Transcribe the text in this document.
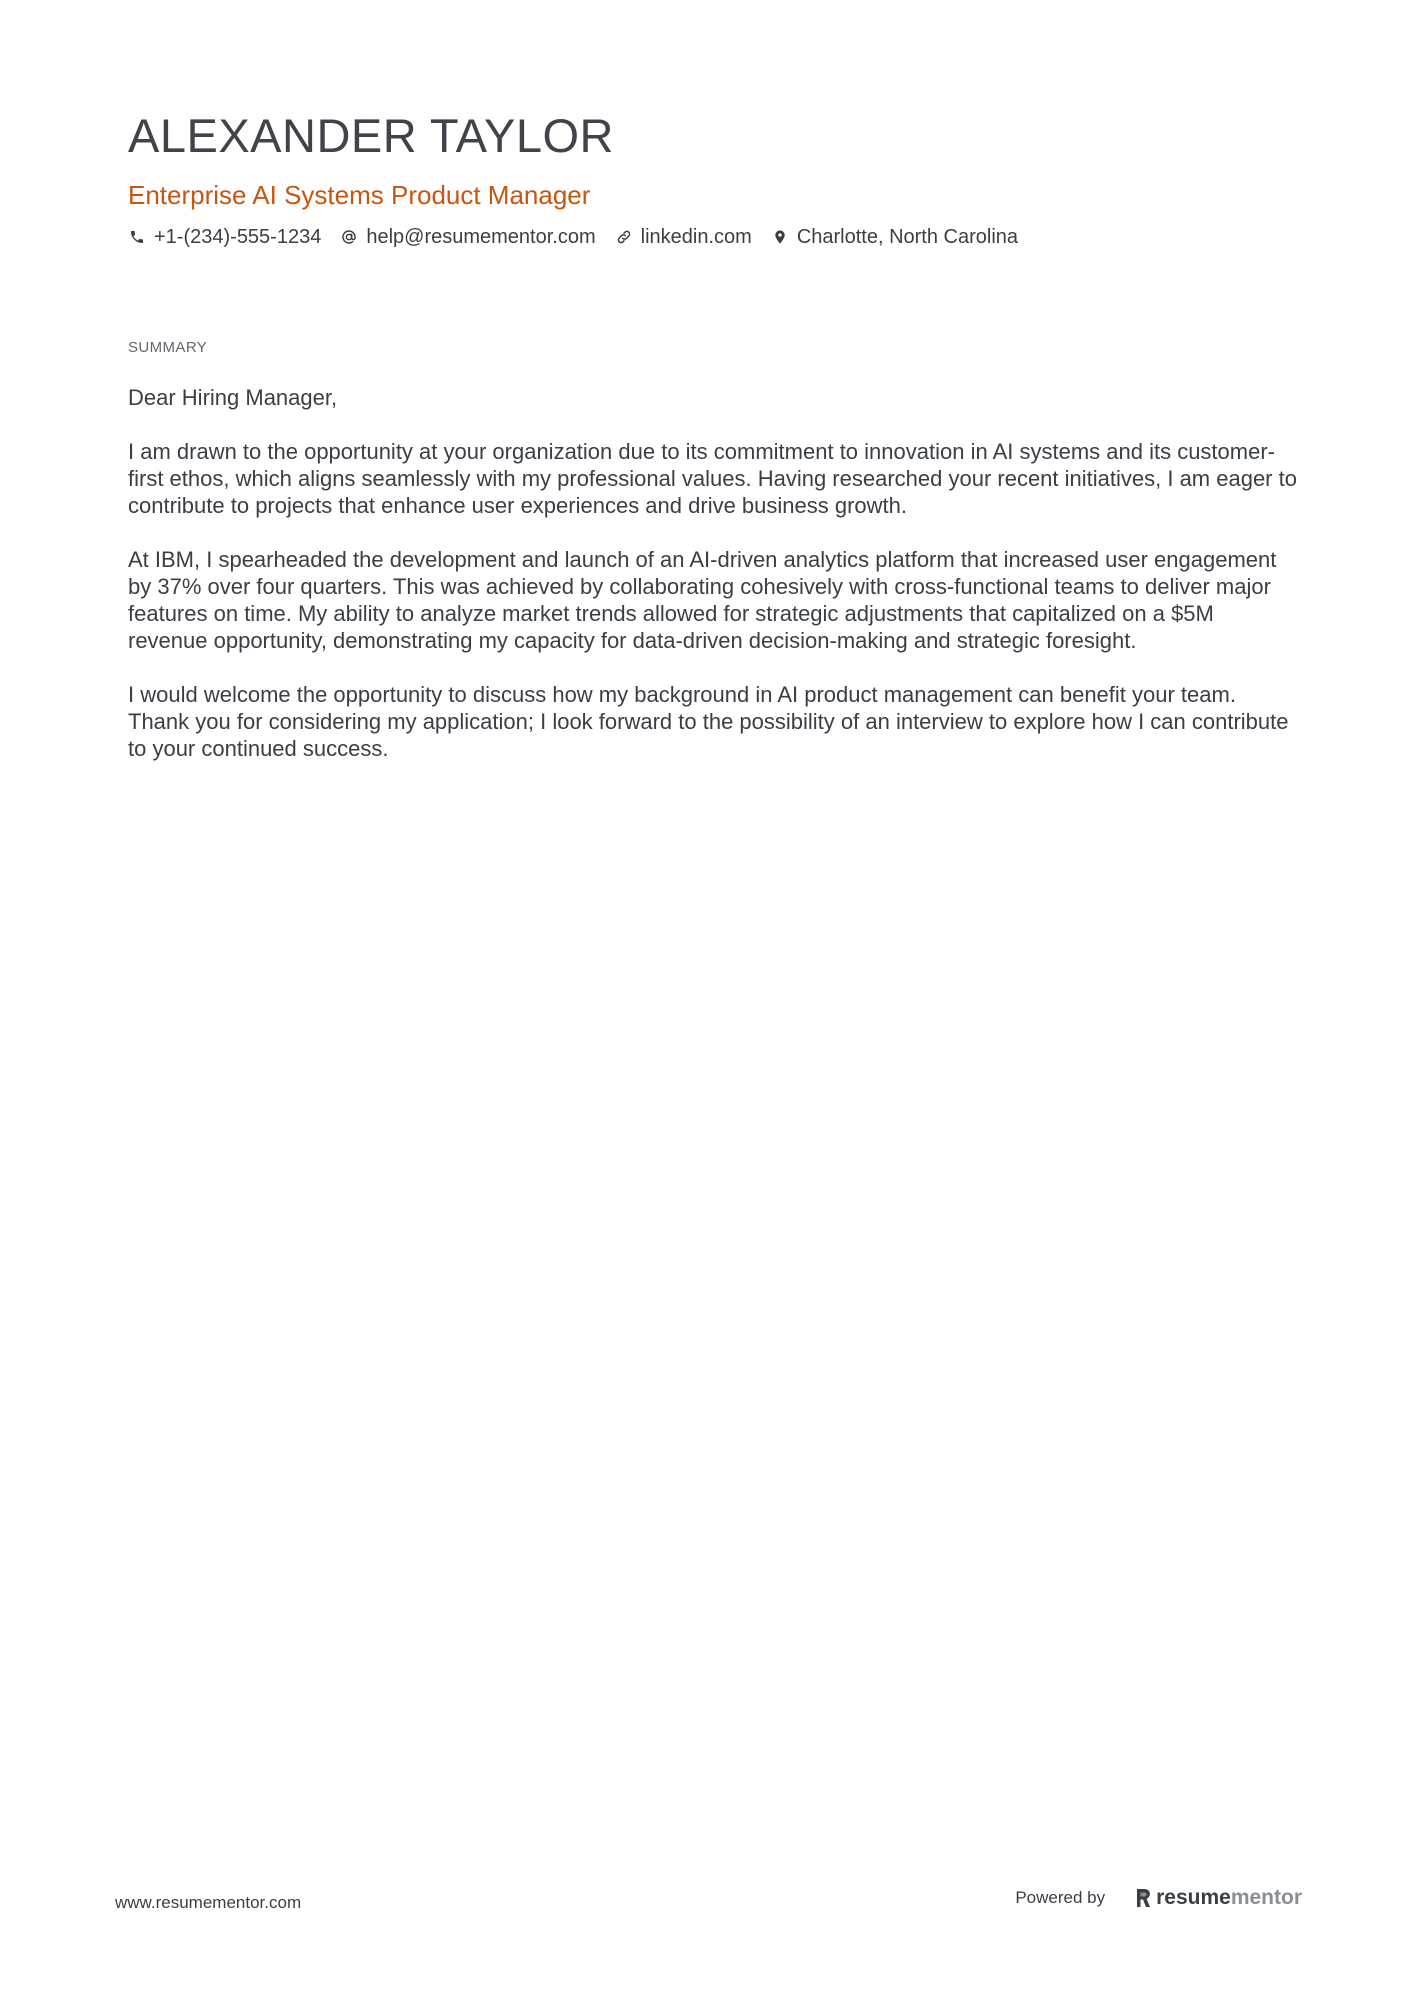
ALEXANDER TAYLOR
Enterprise AI Systems Product Manager
+1-(234)-555-1234 help@resumementor.com linkedin.com Charlotte, North Carolina
SUMMARY

Dear Hiring Manager,

I am drawn to the opportunity at your organization due to its commitment to innovation in AI systems and its customer-first ethos, which aligns seamlessly with my professional values. Having researched your recent initiatives, I am eager to contribute to projects that enhance user experiences and drive business growth.

At IBM, I spearheaded the development and launch of an AI-driven analytics platform that increased user engagement by 37% over four quarters. This was achieved by collaborating cohesively with cross-functional teams to deliver major features on time. My ability to analyze market trends allowed for strategic adjustments that capitalized on a $5M revenue opportunity, demonstrating my capacity for data-driven decision-making and strategic foresight.

I would welcome the opportunity to discuss how my background in AI product management can benefit your team. Thank you for considering my application; I look forward to the possibility of an interview to explore how I can contribute to your continued success.

www.resumementor.com	Powered by resume mentor
